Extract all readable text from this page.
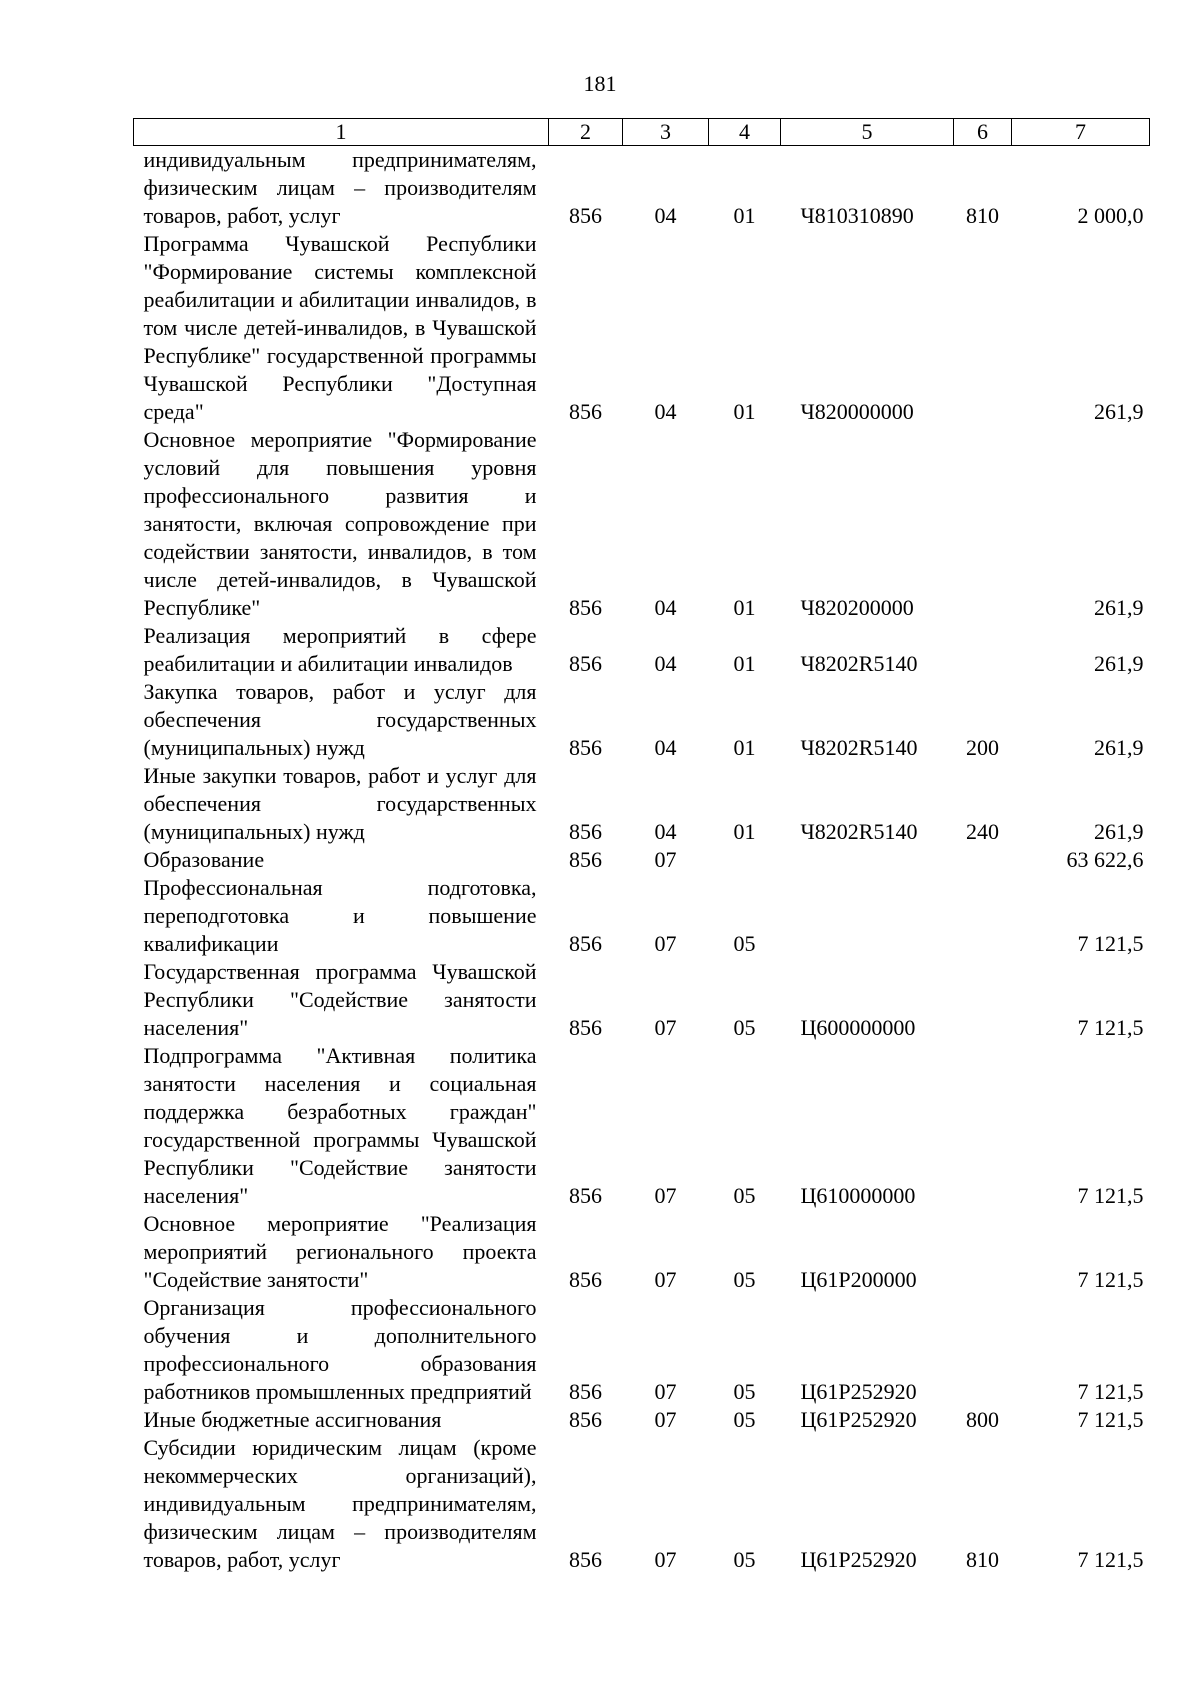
181
1	2	3	4	5	6	7
индивидуальным предпринимателям, физическим лицам – производителям товаров, работ, услуг	856	04	01	Ч810310890	810	2 000,0
Программа Чувашской Республики "Формирование системы комплексной реабилитации и абилитации инвалидов, в том числе детей-инвалидов, в Чувашской Республике" государственной программы Чувашской Республики "Доступная среда"	856	04	01	Ч820000000		261,9
Основное мероприятие "Формирование условий для повышения уровня профессионального развития и занятости, включая сопровождение при содействии занятости, инвалидов, в том числе детей-инвалидов, в Чувашской Республике"	856	04	01	Ч820200000		261,9
Реализация мероприятий в сфере реабилитации и абилитации инвалидов	856	04	01	Ч8202R5140		261,9
Закупка товаров, работ и услуг для обеспечения государственных (муниципальных) нужд	856	04	01	Ч8202R5140	200	261,9
Иные закупки товаров, работ и услуг для обеспечения государственных (муниципальных) нужд	856	04	01	Ч8202R5140	240	261,9
Образование	856	07				63 622,6
Профессиональная подготовка, переподготовка и повышение квалификации	856	07	05			7 121,5
Государственная программа Чувашской Республики "Содействие занятости населения"	856	07	05	Ц600000000		7 121,5
Подпрограмма "Активная политика занятости населения и социальная поддержка безработных граждан" государственной программы Чувашской Республики "Содействие занятости населения"	856	07	05	Ц610000000		7 121,5
Основное мероприятие "Реализация мероприятий регионального проекта "Содействие занятости"	856	07	05	Ц61Р200000		7 121,5
Организация профессионального обучения и дополнительного профессионального образования работников промышленных предприятий	856	07	05	Ц61Р252920		7 121,5
Иные бюджетные ассигнования	856	07	05	Ц61Р252920	800	7 121,5
Субсидии юридическим лицам (кроме некоммерческих организаций), индивидуальным предпринимателям, физическим лицам – производителям товаров, работ, услуг	856	07	05	Ц61Р252920	810	7 121,5
